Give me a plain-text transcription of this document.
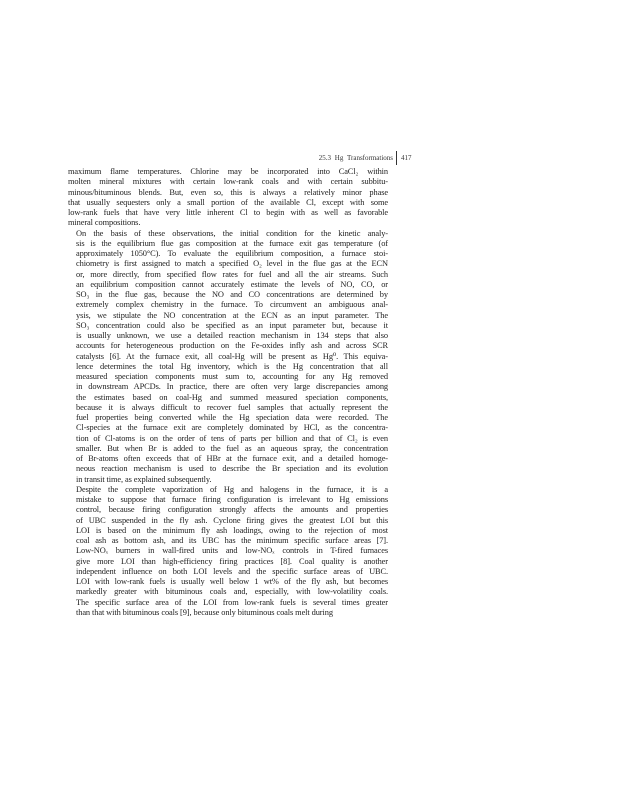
25.3 Hg Transformations 417

maximum flame temperatures. Chlorine may be incorporated into CaCl₂ within
molten mineral mixtures with certain low-rank coals and with certain subbitu-
minous/bituminous blends. But, even so, this is always a relatively minor phase
that usually sequesters only a small portion of the available Cl, except with some
low-rank fuels that have very little inherent Cl to begin with as well as favorable
mineral compositions.

On the basis of these observations, the initial condition for the kinetic analy-
sis is the equilibrium flue gas composition at the furnace exit gas temperature (of
approximately 1050°C). To evaluate the equilibrium composition, a furnace stoi-
chiometry is first assigned to match a specified O₂ level in the flue gas at the ECN
or, more directly, from specified flow rates for fuel and all the air streams. Such
an equilibrium composition cannot accurately estimate the levels of NO, CO, or
SO₃ in the flue gas, because the NO and CO concentrations are determined by
extremely complex chemistry in the furnace. To circumvent an ambiguous anal-
ysis, we stipulate the NO concentration at the ECN as an input parameter. The
SO₃ concentration could also be specified as an input parameter but, because it
is usually unknown, we use a detailed reaction mechanism in 134 steps that also
accounts for heterogeneous production on the Fe-oxides infly ash and across SCR
catalysts [6]. At the furnace exit, all coal-Hg will be present as Hg⁰. This equiva-
lence determines the total Hg inventory, which is the Hg concentration that all
measured speciation components must sum to, accounting for any Hg removed
in downstream APCDs. In practice, there are often very large discrepancies among
the estimates based on coal-Hg and summed measured speciation components,
because it is always difficult to recover fuel samples that actually represent the
fuel properties being converted while the Hg speciation data were recorded. The
Cl-species at the furnace exit are completely dominated by HCl, as the concentra-
tion of Cl-atoms is on the order of tens of parts per billion and that of Cl₂ is even
smaller. But when Br is added to the fuel as an aqueous spray, the concentration
of Br-atoms often exceeds that of HBr at the furnace exit, and a detailed homoge-
neous reaction mechanism is used to describe the Br speciation and its evolution
in transit time, as explained subsequently.

Despite the complete vaporization of Hg and halogens in the furnace, it is a
mistake to suppose that furnace firing configuration is irrelevant to Hg emissions
control, because firing configuration strongly affects the amounts and properties
of UBC suspended in the fly ash. Cyclone firing gives the greatest LOI but this
LOI is based on the minimum fly ash loadings, owing to the rejection of most
coal ash as bottom ash, and its UBC has the minimum specific surface areas [7].
Low-NOₓ burners in wall-fired units and low-NOₓ controls in T-fired furnaces
give more LOI than high-efficiency firing practices [8]. Coal quality is another
independent influence on both LOI levels and the specific surface areas of UBC.
LOI with low-rank fuels is usually well below 1 wt% of the fly ash, but becomes
markedly greater with bituminous coals and, especially, with low-volatility coals.
The specific surface area of the LOI from low-rank fuels is several times greater
than that with bituminous coals [9], because only bituminous coals melt during
